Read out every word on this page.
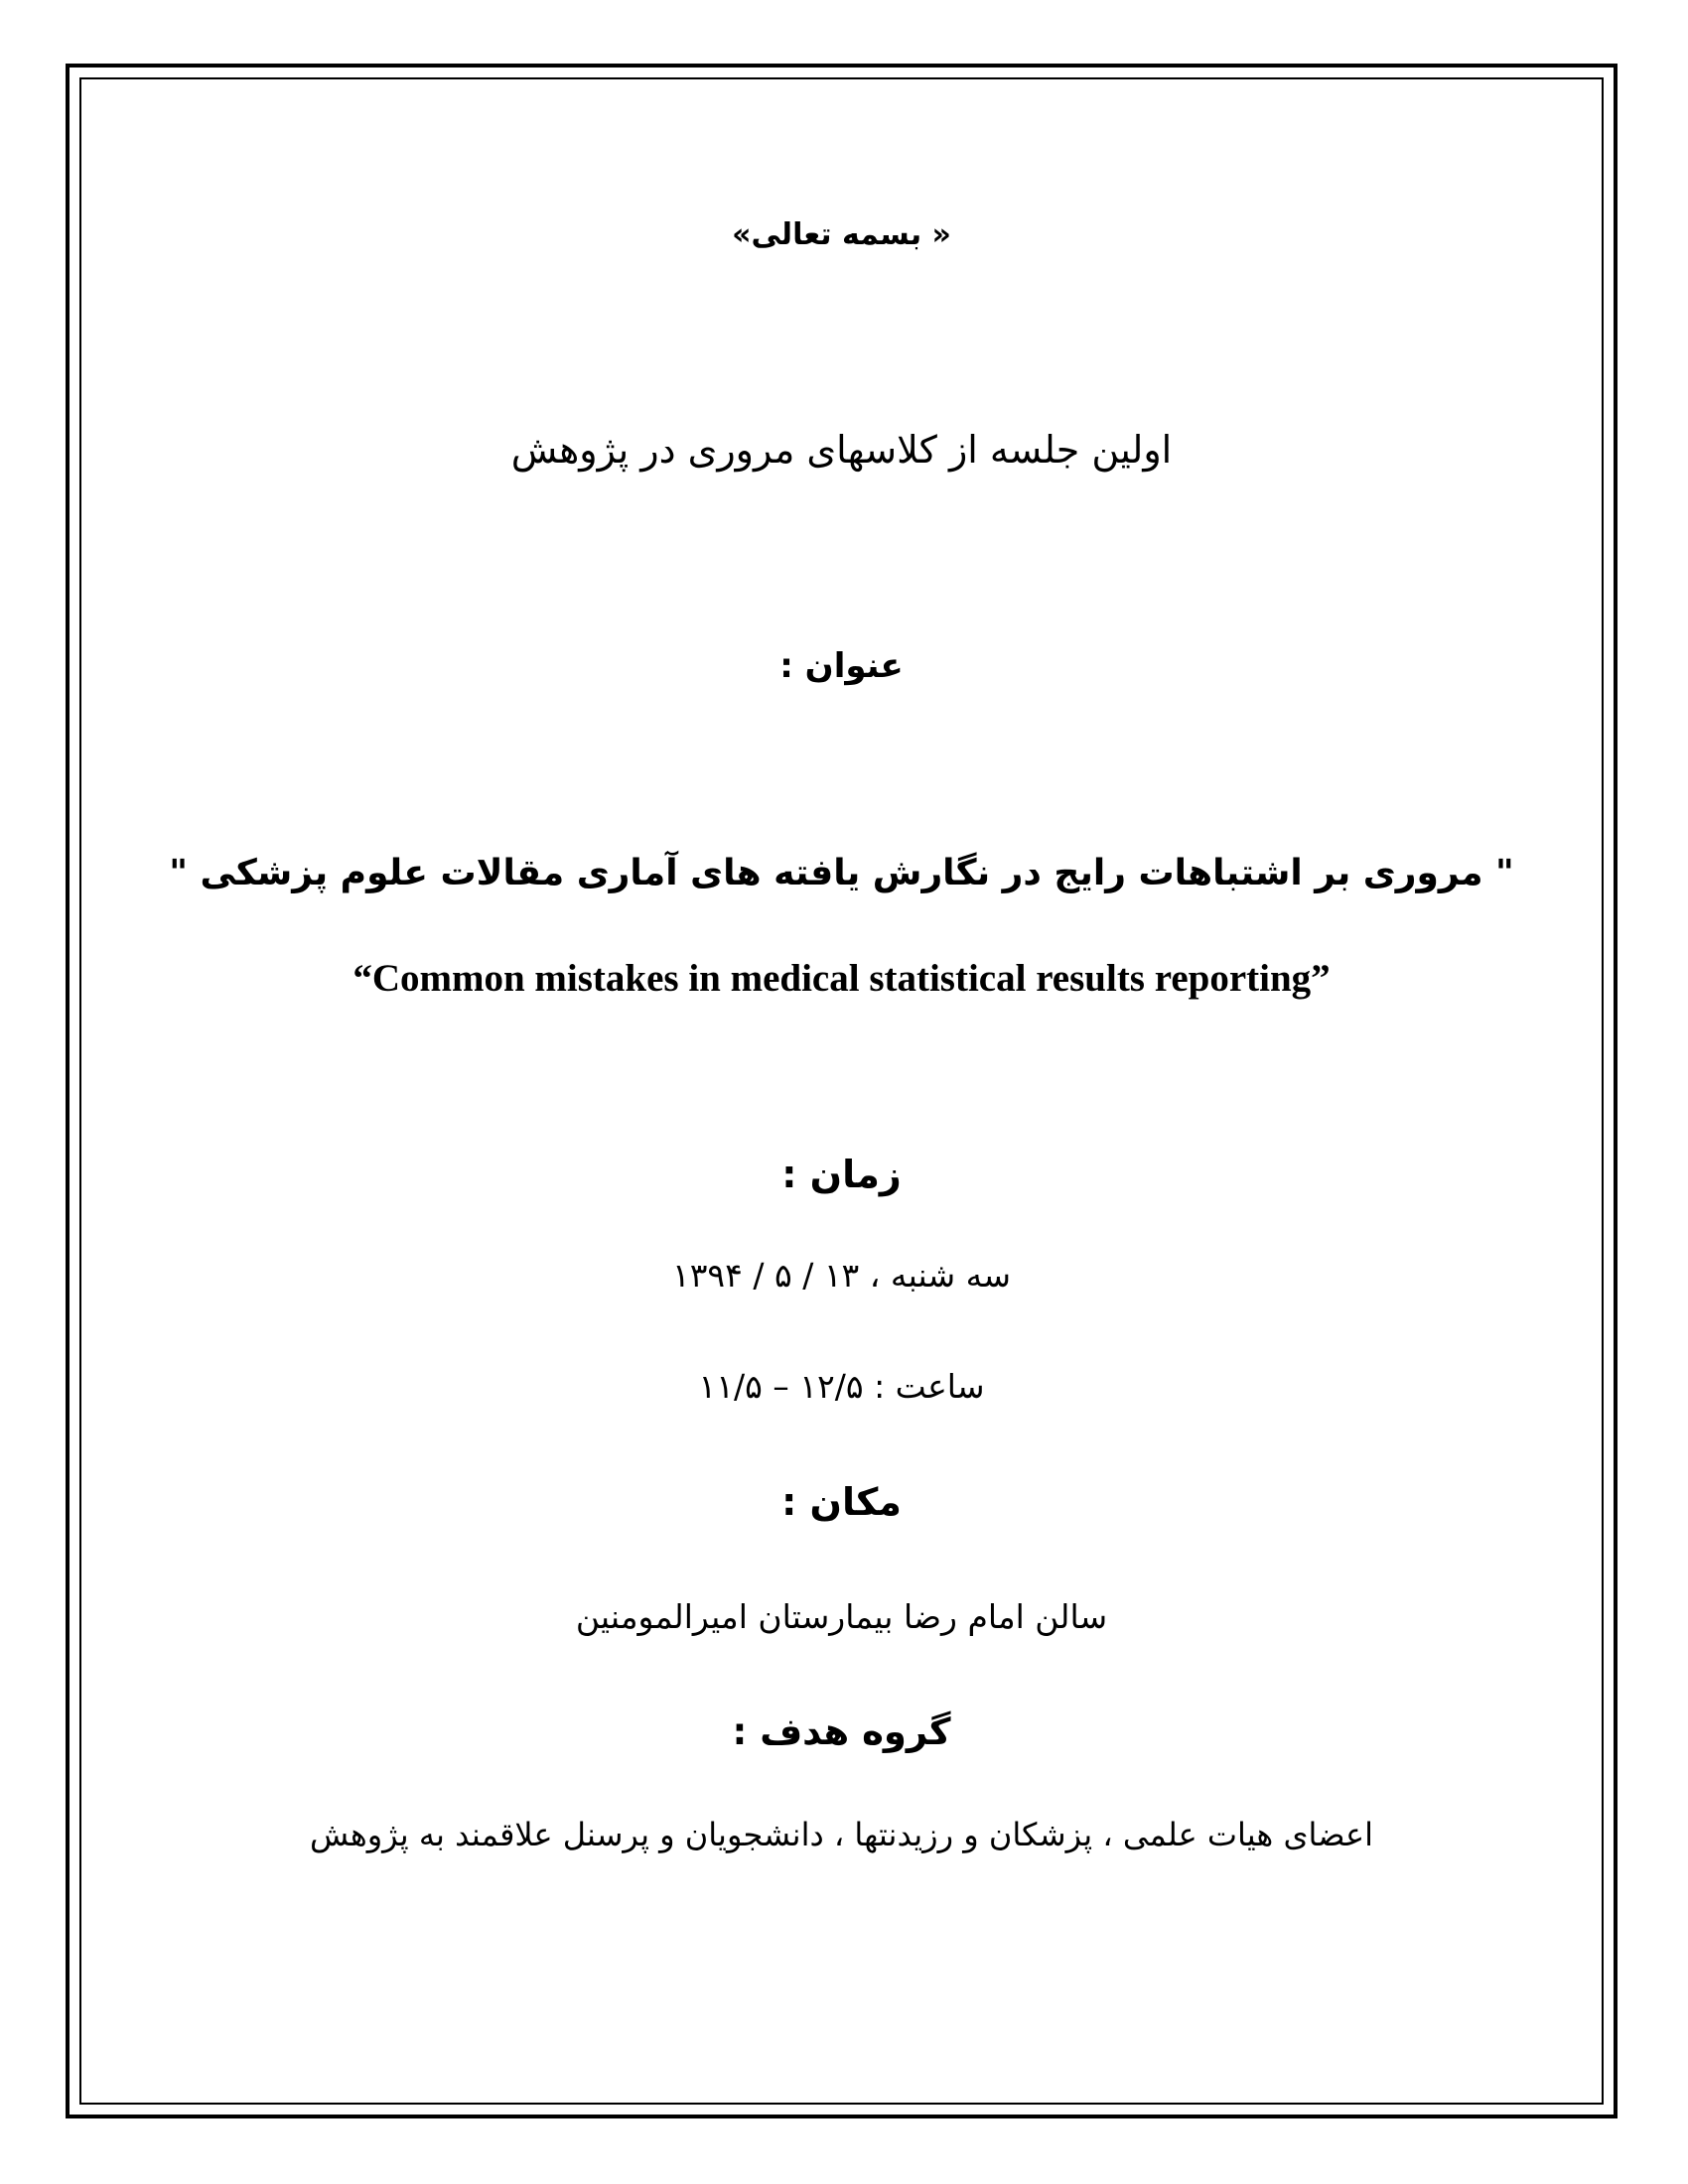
« بسمه تعالی»
اولین جلسه از کلاسهای مروری در پژوهش
عنوان :
" مروری بر اشتباهات رایج در نگارش یافته های آماری مقالات علوم پزشکی "
“Common mistakes in medical statistical results reporting”
زمان :
سه شنبه ، ۱۳ / ۵ / ۱۳۹۴
ساعت : ۱۲/۵ – ۱۱/۵
مکان :
سالن امام رضا بیمارستان امیرالمومنین
گروه هدف :
اعضای هیات علمی ، پزشکان و رزیدنتها ، دانشجویان و پرسنل علاقمند به پژوهش
